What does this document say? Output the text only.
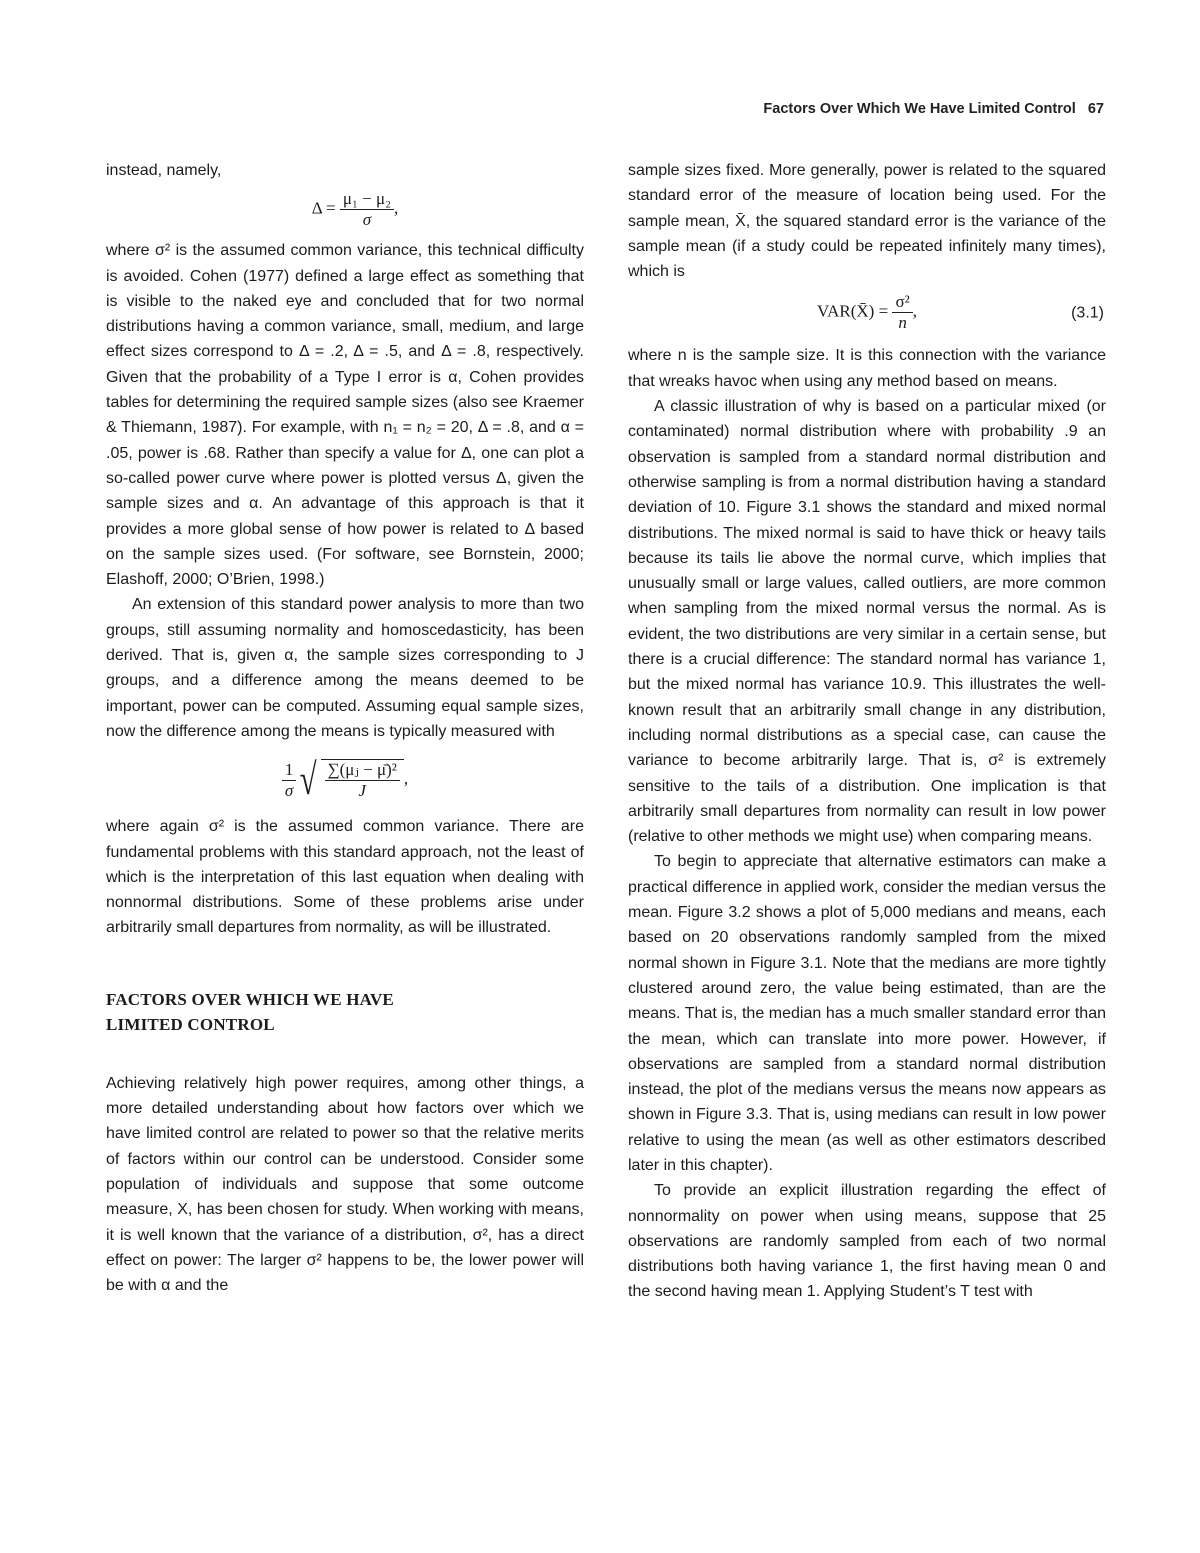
Factors Over Which We Have Limited Control 67

instead, namely,

$\Delta = \frac{\text{μ₁ − μ₂}}{\sigma}$ ,

where σ² is the assumed common variance, this technical difficulty is avoided. Cohen (1977) defined a large effect as something that is visible to the naked eye and concluded that for two normal distributions having a common variance, small, medium, and large effect sizes correspond to Δ = .2, Δ = .5, and Δ = .8, respectively. Given that the probability of a Type I error is α, Cohen provides tables for determining the required sample sizes (also see Kraemer & Thiemann, 1987). For example, with n₁ = n₂ = 20, Δ = .8, and α = .05, power is .68. Rather than specify a value for Δ, one can plot a so-called power curve where power is plotted versus Δ, given the sample sizes and α. An advantage of this approach is that it provides a more global sense of how power is related to Δ based on the sample sizes used. (For software, see Bornstein, 2000; Elashoff, 2000; O’Brien, 1998.)

An extension of this standard power analysis to more than two groups, still assuming normality and homoscedasticity, has been derived. That is, given α, the sample sizes corresponding to J groups, and a difference among the means deemed to be important, power can be computed. Assuming equal sample sizes, now the difference among the means is typically measured with

$\frac{1}{\sigma}$ √ $\frac{\text{∑(μⱼ − μ̄)²}}{J}$ ,

where again σ² is the assumed common variance. There are fundamental problems with this standard approach, not the least of which is the interpretation of this last equation when dealing with nonnormal distributions. Some of these problems arise under arbitrarily small departures from normality, as will be illustrated.

FACTORS OVER WHICH WE HAVE
LIMITED CONTROL

Achieving relatively high power requires, among other things, a more detailed understanding about how factors over which we have limited control are related to power so that the relative merits of factors within our control can be understood. Consider some population of individuals and suppose that some outcome measure, X, has been chosen for study. When working with means, it is well known that the variance of a distribution, σ², has a direct effect on power: The larger σ² happens to be, the lower power will be with α and the

sample sizes fixed. More generally, power is related to the squared standard error of the measure of location being used. For the sample mean, X̄, the squared standard error is the variance of the sample mean (if a study could be repeated infinitely many times), which is

VAR(X̄) = $\frac{\text{σ²}}{n}$ ,	(3.1)

where n is the sample size. It is this connection with the variance that wreaks havoc when using any method based on means.

A classic illustration of why is based on a particular mixed (or contaminated) normal distribution where with probability .9 an observation is sampled from a standard normal distribution and otherwise sampling is from a normal distribution having a standard deviation of 10. Figure 3.1 shows the standard and mixed normal distributions. The mixed normal is said to have thick or heavy tails because its tails lie above the normal curve, which implies that unusually small or large values, called outliers, are more common when sampling from the mixed normal versus the normal. As is evident, the two distributions are very similar in a certain sense, but there is a crucial difference: The standard normal has variance 1, but the mixed normal has variance 10.9. This illustrates the well-known result that an arbitrarily small change in any distribution, including normal distributions as a special case, can cause the variance to become arbitrarily large. That is, σ² is extremely sensitive to the tails of a distribution. One implication is that arbitrarily small departures from normality can result in low power (relative to other methods we might use) when comparing means.

To begin to appreciate that alternative estimators can make a practical difference in applied work, consider the median versus the mean. Figure 3.2 shows a plot of 5,000 medians and means, each based on 20 observations randomly sampled from the mixed normal shown in Figure 3.1. Note that the medians are more tightly clustered around zero, the value being estimated, than are the means. That is, the median has a much smaller standard error than the mean, which can translate into more power. However, if observations are sampled from a standard normal distribution instead, the plot of the medians versus the means now appears as shown in Figure 3.3. That is, using medians can result in low power relative to using the mean (as well as other estimators described later in this chapter).

To provide an explicit illustration regarding the effect of nonnormality on power when using means, suppose that 25 observations are randomly sampled from each of two normal distributions both having variance 1, the first having mean 0 and the second having mean 1. Applying Student’s T test with
